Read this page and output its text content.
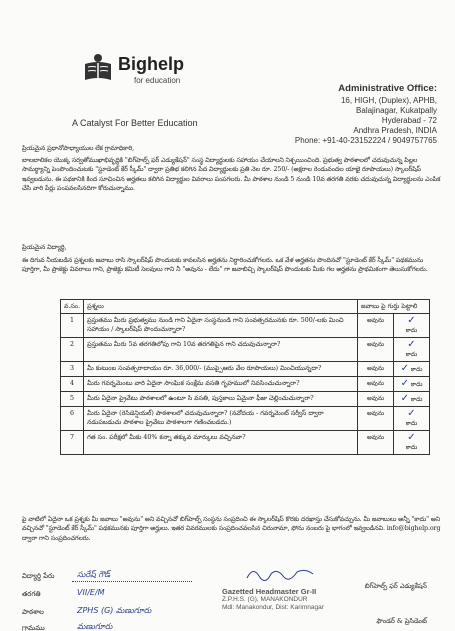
Bighelp
for education
A Catalyst For Better Education
Administrative Office:
16, HIGH, (Duplex), APHB,
Balajinagar, Kukatpally
Hyderabad - 72
Andhra Pradesh, INDIA
Phone: +91-40-23152224 / 9049757765
ప్రియమైన ప్రధానోపాధ్యాయుల లేక గ్రామాధికారి,
బాలబాలికల యొక్క సర్వతోముఖాభివృద్ధికి "బిగ్‌హెల్ప్ ఫర్ ఎడ్యుకేషన్" సంస్థ విద్యార్థులకు సహాయం చేయాలని నిశ్చయించింది. ప్రభుత్వ పాఠశాలలో చదువుచున్న పిల్లల సామర్థ్యాన్ని పెంపొందించుటకు "స్టూడెంట్ కేర్ స్కీమ్" ద్వారా ప్రతిభ కలిగిన పేద విద్యార్థులకు ప్రతి నెల రూ. 250/- (అక్షరాల రెండువందల యాభై రూపాయలు) స్కాలర్‌షిప్ ఇవ్వబడును. ఈ పథకానికి కింద సూచించిన అర్హతలు కలిగిన విద్యార్థుల వివరాలు పంపగలరు. మీ పాఠశాల నుండి 5 నుండి 10వ తరగతి వరకు చదువుచున్న విద్యార్థులను ఎంపిక చేసి వారి పేర్లు పంపవలసినదిగా కోరుచున్నాము.
ప్రియమైన విద్యార్థి,
ఈ దిగువ నీయబడిన ప్రశ్నలకు జవాబు రాసి స్కాలర్‌షిప్ పొందుటకు కావలసిన అర్హతను నిర్ధారించుకోగలరు. ఒక వేళ అర్హతను పొందినచో "స్టూడెంట్ కేర్ స్కీమ్" పథకమును పూర్తిగా, మీ ప్రాజెక్టు వివరాలు గాని, ప్రాజెక్టు కమిటీ సెలవులు గాని నీ "అవును - లేదు" గా జవాబిచ్చి స్కాలర్‌షిప్ పొందుటకు మీకు గల అర్హతను ప్రాథమికంగా తెలుసుకోగలరు.
వ.సం.	ప్రశ్నలు	జవాబు పై గుర్తు పెట్టాలి	
1	ప్రస్తుతము మీరు ప్రభుత్వము నుండి గాని ఏదైనా సంస్థనుండి గాని సంవత్సరమునకు రూ. 500/-లకు మించి సహాయం / స్కాలర్‌షిప్ పొందుచున్నారా?	అవును	✓
కాదు
2	ప్రస్తుతము మీరు 5వ తరగతిలోపు గాని 10వ తరగతిపైన గాని చదువుచున్నారా?	అవును	✓
కాదు
3	మీ కుటుంబ సంవత్సరాదాయం రూ. 36,000/- (ముప్పైఆరు వేల రూపాయలు) మించియున్నదా?	అవును	✓ కాదు
4	మీరు గవర్నమెంటు వారి ఏదైనా సాంఘిక సంక్షేమ వసతి గృహములో నివసించుచున్నారా?	అవును	✓ కాదు
5	మీరు ఏదైనా ప్రైవేటు పాఠశాలలో ఉంటూ సి వసతి, పుస్తకాలు ఏమైనా ఫీజు చెల్లించుచున్నారా?	అవును	✓ కాదు
6	మీరు ఏదైనా (రెసిడెన్షియల్) పాఠశాలలో చదువుచున్నారా? (నవోదయ - గవర్నమెంట్ సర్వీస్ ద్వారా నడుపబడుచు పాఠశాల ప్రైవేటు పాఠశాలగా గణించబడదు.)	అవును	✓
కాదు
7	గత సం. పరీక్షలో మీకు 40% కన్నా తక్కువ మార్కులు వచ్చినవా?	అవును	✓
కాదు
పై వాటిలో ఏదైనా ఒక ప్రశ్నకు మీ జవాబు "అవును" అని వచ్చినచో బిగ్‌హెల్ప్ సంస్థను సంప్రదించి ఈ స్కాలర్‌షిప్ కొరకు దరఖాస్తు చేసుకోవచ్చును. మీ జవాబులు అన్నీ "కాదు" అని వచ్చినచో "స్టూడెంట్ కేర్ స్కీమ్" పథకమునకు పూర్తిగా అర్హులు. ఇతర వివరములకు సంప్రదించవలసిన చిరునామా, ఫోను నంబరు పై భాగంలో ఇవ్వబడినవి. info@bighelp.org ద్వారా గాని సంప్రదించగలరు.
విద్యార్థి పేరు	సురేష్ గౌడ్
తరగతి	VII/E/M
పాఠశాల	ZPHS (G) మణుగూరు
గ్రామము	మణుగూరు
Gazetted Headmaster Gr-II
Z.P.H.S. (G), MANAKONDUR
Mdl: Manakondur, Dist: Karimnagar
బిగ్‌హెల్ప్ ఫర్ ఎడ్యుకేషన్
ఫౌండర్ & ప్రెసిడెంట్
